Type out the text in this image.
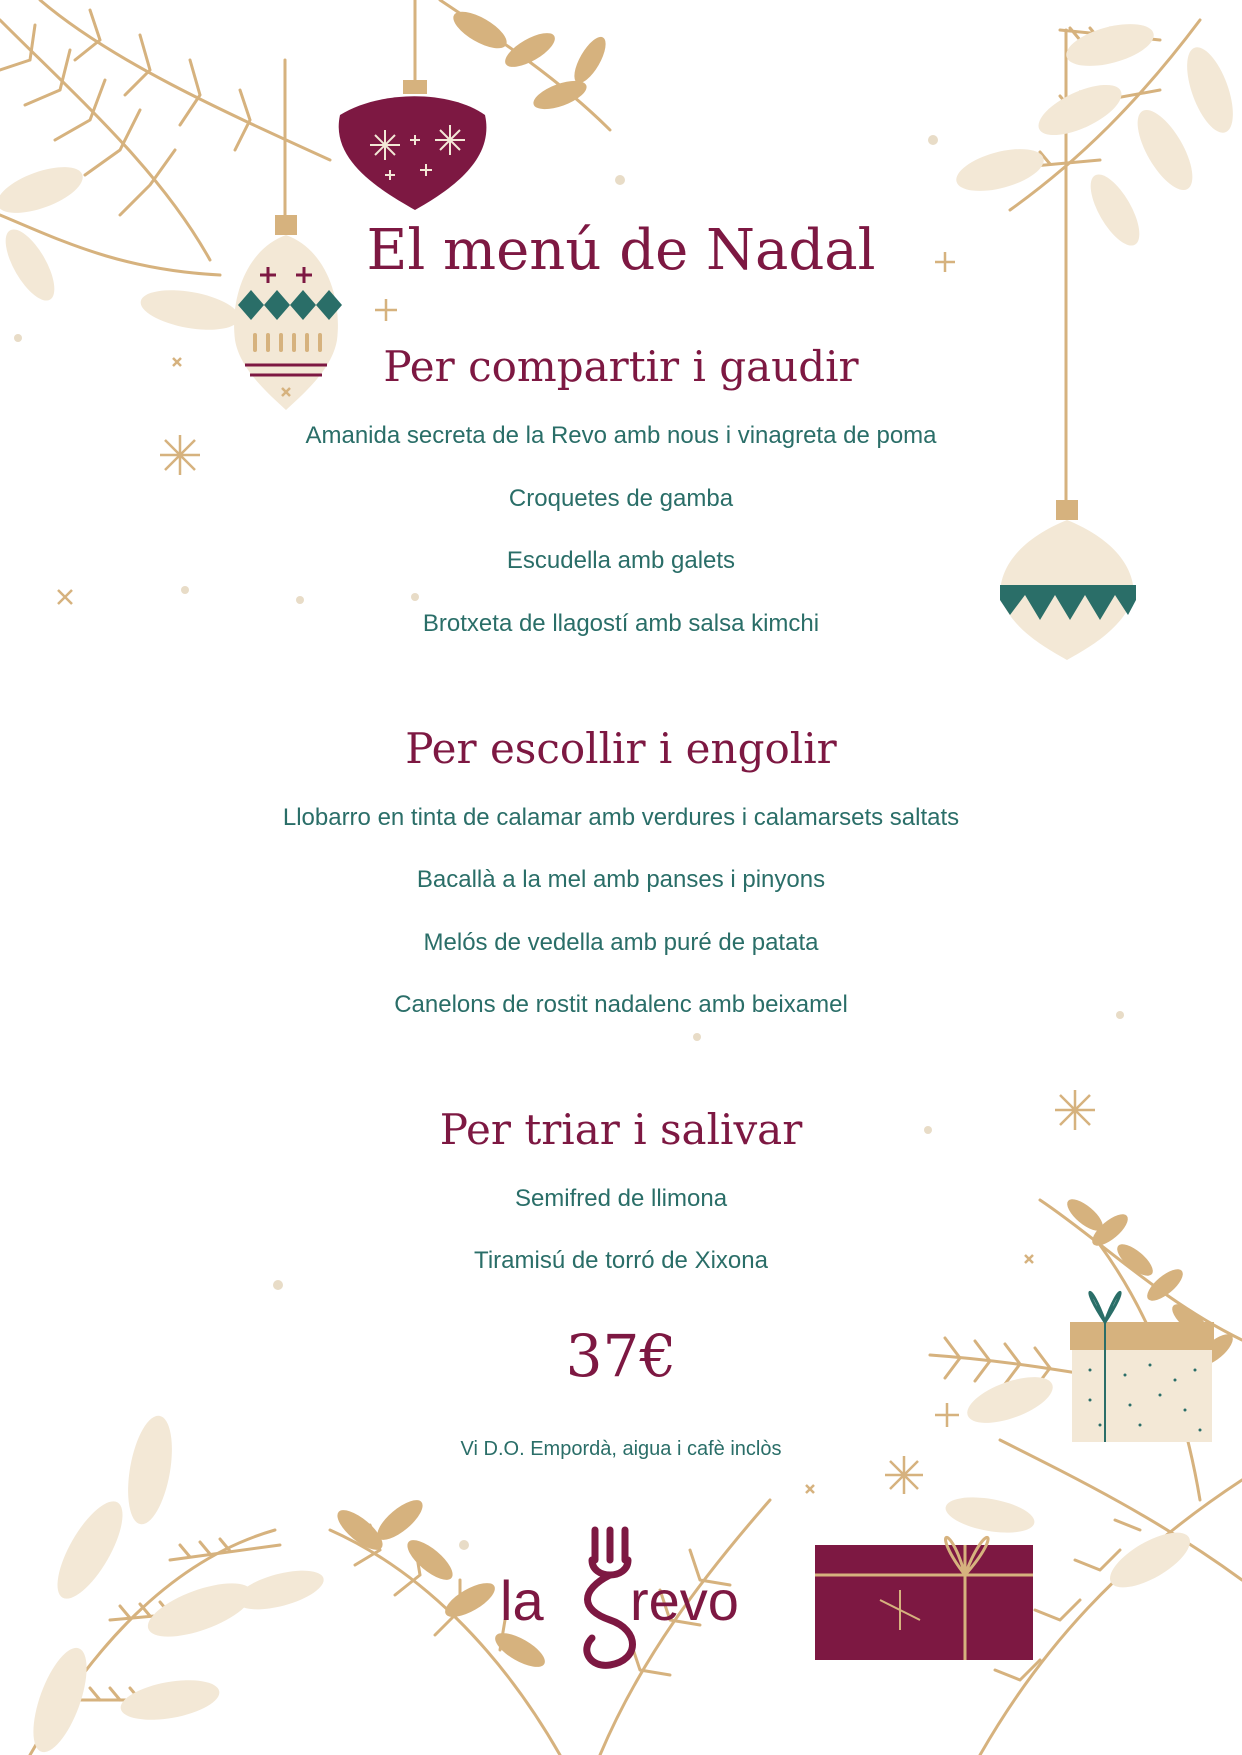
El menú de Nadal
Per compartir i gaudir

Amanida secreta de la Revo amb nous i vinagreta de poma

Croquetes de gamba

Escudella amb galets

Brotxeta de llagostí amb salsa kimchi

Per escollir i engolir

Llobarro en tinta de calamar amb verdures i calamarsets saltats

Bacallà a la mel amb panses i pinyons

Melós de vedella amb puré de patata

Canelons de rostit nadalenc amb beixamel

Per triar i salivar

Semifred de llimona

Tiramisú de torró de Xixona

37€

Vi D.O. Empordà, aigua i cafè inclòs

la revo
